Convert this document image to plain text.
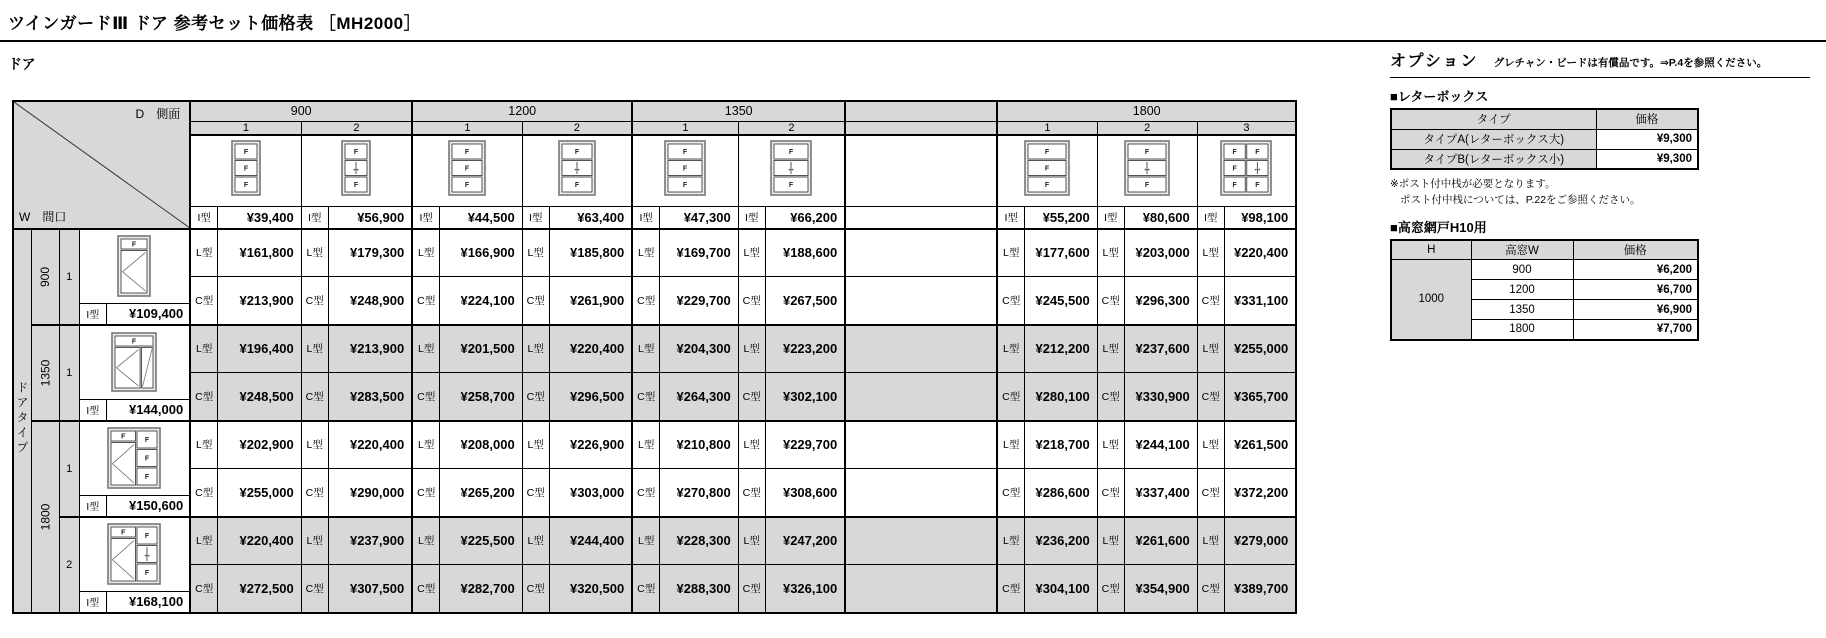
ツインガードⅢ ドア 参考セット価格表 ［MH2000］
ドア
D　側面
W　間口				900		1200		1350			1800		
				1	2	1	2	1	2		1	2	3

F
F
F

F
↔
F

F
F
F

F
↔
F

F
F
F

F
↔
F

F
F
F

F
↔
F

F
F
F
F
↔
F

I型 ¥39,400	I型 ¥56,900	I型 ¥44,500	I型 ¥63,400	I型 ¥47,300	I型 ¥66,200		I型 ¥55,200	I型 ¥80,600	I型 ¥98,100

ドアタイプ	900	1	
F
I型	¥109,400

L型	¥161,800	L型	¥179,300	L型	¥166,900	L型	¥185,800	L型	¥169,700	L型	¥188,600		L型	¥177,600	L型	¥203,000	L型	¥220,400

C型 ¥213,900	C型 ¥248,900	C型 ¥224,100	C型 ¥261,900	C型 ¥229,700	C型 ¥267,500		C型 ¥245,500	C型 ¥296,300	C型 ¥331,100

1350	1	
F
I型	¥144,000

L型	¥196,400	L型	¥213,900	L型	¥201,500	L型	¥220,400	L型	¥204,300	L型	¥223,200		L型	¥212,200	L型	¥237,600	L型	¥255,000

C型 ¥248,500	C型 ¥283,500	C型 ¥258,700	C型 ¥296,500	C型 ¥264,300	C型 ¥302,100		C型 ¥280,100	C型 ¥330,900	C型 ¥365,700

1800	1	
F	F
F
F
I型	¥150,600

L型	¥202,900	L型	¥220,400	L型	¥208,000	L型	¥226,900	L型	¥210,800	L型	¥229,700		L型	¥218,700	L型	¥244,100	L型	¥261,500

C型 ¥255,000	C型 ¥290,000	C型 ¥265,200	C型 ¥303,000	C型 ¥270,800	C型 ¥308,600		C型 ¥286,600	C型 ¥337,400	C型 ¥372,200

2	
F	F
↔
F
I型	¥168,100

L型	¥220,400	L型	¥237,900	L型	¥225,500	L型	¥244,400	L型	¥228,300	L型	¥247,200		L型	¥236,200	L型	¥261,600	L型	¥279,000

C型 ¥272,500	C型 ¥307,500	C型 ¥282,700	C型 ¥320,500	C型 ¥288,300	C型 ¥326,100		C型 ¥304,100	C型 ¥354,900	C型 ¥389,700
オプション グレチャン・ビードは有償品です。⇒P.4を参照ください。
■レターボックス
タイプ	価格
タイプA(レターボックス大)	¥9,300
タイプB(レターボックス小)	¥9,300
※ポスト付中桟が必要となります。
ポスト付中桟については、P.22をご参照ください。
■高窓網戸H10用
H	高窓W	価格
1000	900	¥6,200
	1200	¥6,700
	1350	¥6,900
	1800	¥7,700
